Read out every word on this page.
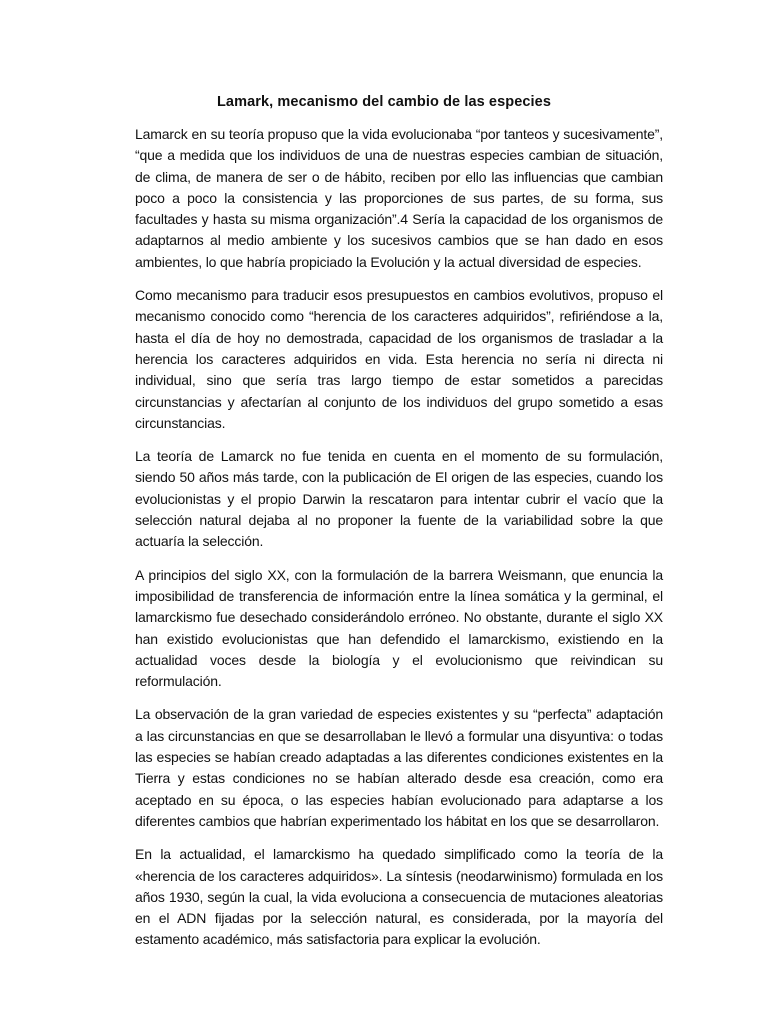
Lamark, mecanismo del cambio de las especies

Lamarck en su teoría propuso que la vida evolucionaba “por tanteos y sucesivamente”, “que a medida que los individuos de una de nuestras especies cambian de situación, de clima, de manera de ser o de hábito, reciben por ello las influencias que cambian poco a poco la consistencia y las proporciones de sus partes, de su forma, sus facultades y hasta su misma organización”.4 Sería la capacidad de los organismos de adaptarnos al medio ambiente y los sucesivos cambios que se han dado en esos ambientes, lo que habría propiciado la Evolución y la actual diversidad de especies.

Como mecanismo para traducir esos presupuestos en cambios evolutivos, propuso el mecanismo conocido como “herencia de los caracteres adquiridos”, refiriéndose a la, hasta el día de hoy no demostrada, capacidad de los organismos de trasladar a la herencia los caracteres adquiridos en vida. Esta herencia no sería ni directa ni individual, sino que sería tras largo tiempo de estar sometidos a parecidas circunstancias y afectarían al conjunto de los individuos del grupo sometido a esas circunstancias.

La teoría de Lamarck no fue tenida en cuenta en el momento de su formulación, siendo 50 años más tarde, con la publicación de El origen de las especies, cuando los evolucionistas y el propio Darwin la rescataron para intentar cubrir el vacío que la selección natural dejaba al no proponer la fuente de la variabilidad sobre la que actuaría la selección.

A principios del siglo XX, con la formulación de la barrera Weismann, que enuncia la imposibilidad de transferencia de información entre la línea somática y la germinal, el lamarckismo fue desechado considerándolo erróneo. No obstante, durante el siglo XX han existido evolucionistas que han defendido el lamarckismo, existiendo en la actualidad voces desde la biología y el evolucionismo que reivindican su reformulación.

La observación de la gran variedad de especies existentes y su “perfecta” adaptación a las circunstancias en que se desarrollaban le llevó a formular una disyuntiva: o todas las especies se habían creado adaptadas a las diferentes condiciones existentes en la Tierra y estas condiciones no se habían alterado desde esa creación, como era aceptado en su época, o las especies habían evolucionado para adaptarse a los diferentes cambios que habrían experimentado los hábitat en los que se desarrollaron.

En la actualidad, el lamarckismo ha quedado simplificado como la teoría de la «herencia de los caracteres adquiridos». La síntesis (neodarwinismo) formulada en los años 1930, según la cual, la vida evoluciona a consecuencia de mutaciones aleatorias en el ADN fijadas por la selección natural, es considerada, por la mayoría del estamento académico, más satisfactoria para explicar la evolución.
